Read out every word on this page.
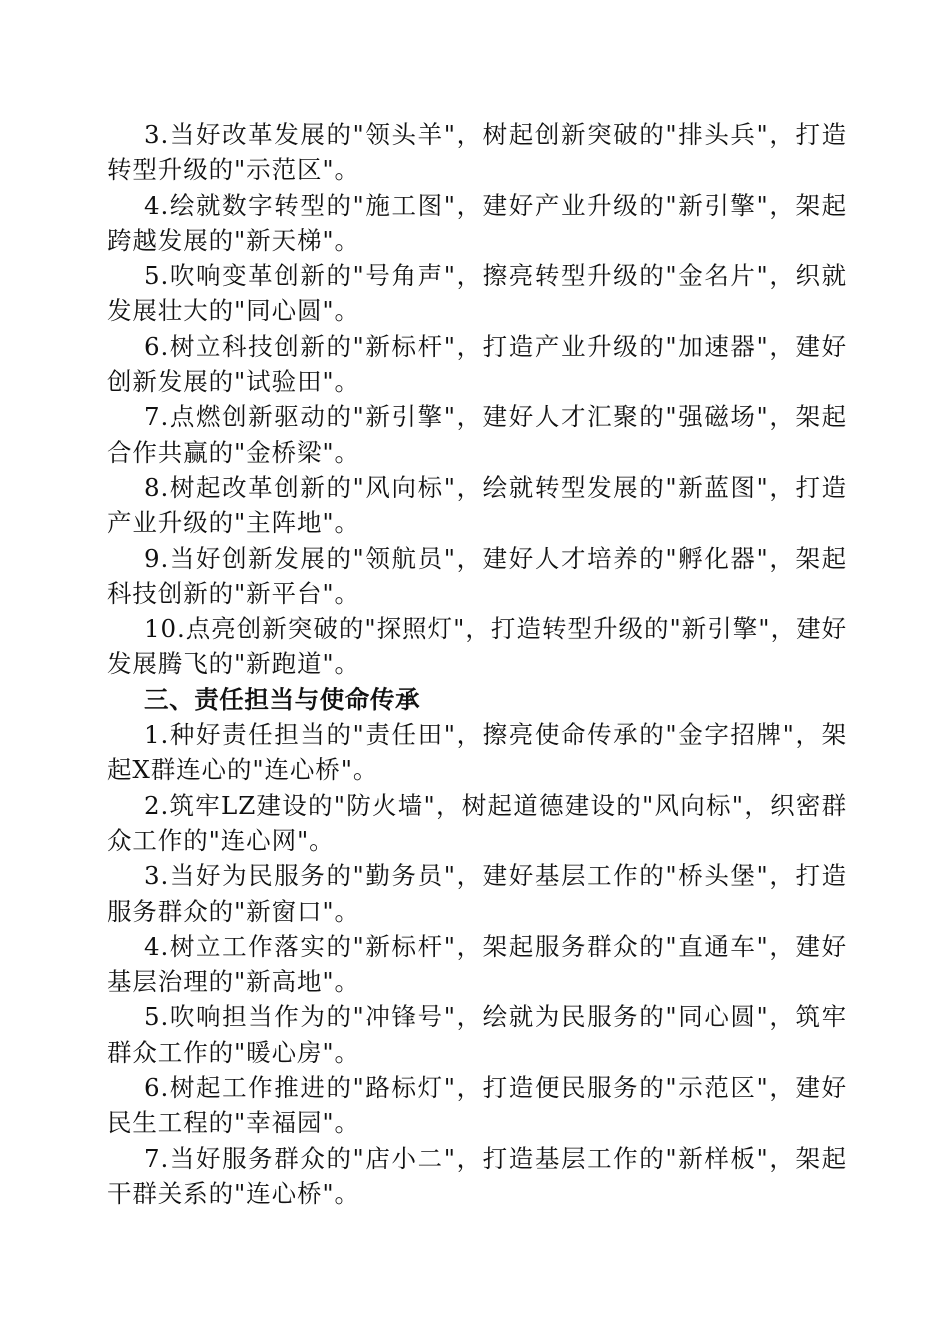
3.当好改革发展的"领头羊"，树起创新突破的"排头兵"，打造转型升级的"示范区"。

4.绘就数字转型的"施工图"，建好产业升级的"新引擎"，架起跨越发展的"新天梯"。

5.吹响变革创新的"号角声"，擦亮转型升级的"金名片"，织就发展壮大的"同心圆"。

6.树立科技创新的"新标杆"，打造产业升级的"加速器"，建好创新发展的"试验田"。

7.点燃创新驱动的"新引擎"，建好人才汇聚的"强磁场"，架起合作共赢的"金桥梁"。

8.树起改革创新的"风向标"，绘就转型发展的"新蓝图"，打造产业升级的"主阵地"。

9.当好创新发展的"领航员"，建好人才培养的"孵化器"，架起科技创新的"新平台"。

10.点亮创新突破的"探照灯"，打造转型升级的"新引擎"，建好发展腾飞的"新跑道"。

三、责任担当与使命传承

1.种好责任担当的"责任田"，擦亮使命传承的"金字招牌"，架起X群连心的"连心桥"。

2.筑牢LZ建设的"防火墙"，树起道德建设的"风向标"，织密群众工作的"连心网"。

3.当好为民服务的"勤务员"，建好基层工作的"桥头堡"，打造服务群众的"新窗口"。

4.树立工作落实的"新标杆"，架起服务群众的"直通车"，建好基层治理的"新高地"。

5.吹响担当作为的"冲锋号"，绘就为民服务的"同心圆"，筑牢群众工作的"暖心房"。

6.树起工作推进的"路标灯"，打造便民服务的"示范区"，建好民生工程的"幸福园"。

7.当好服务群众的"店小二"，打造基层工作的"新样板"，架起干群关系的"连心桥"。
